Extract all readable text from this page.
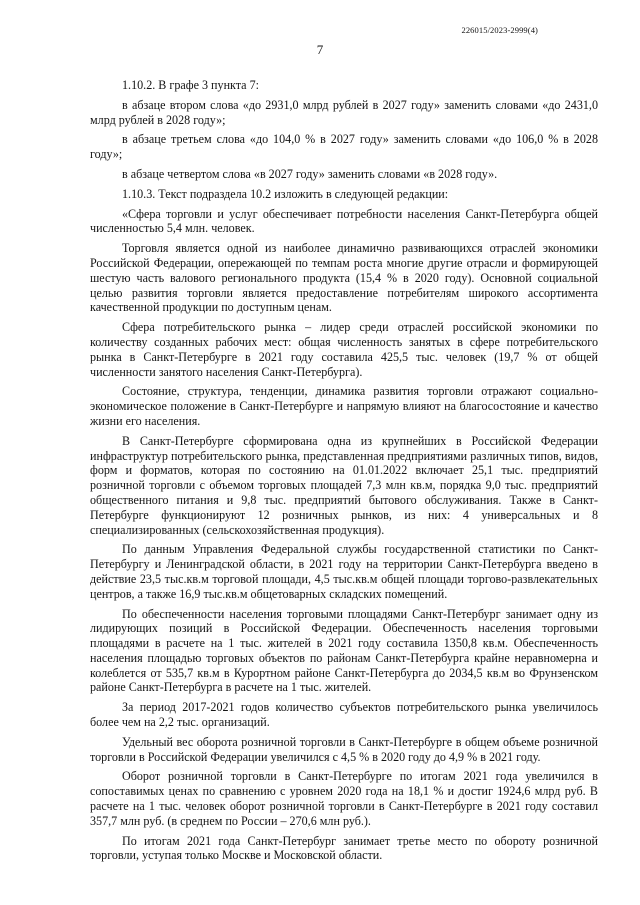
226015/2023-2999(4)
7

1.10.2. В графе 3 пункта 7:

в абзаце втором слова «до 2931,0 млрд рублей в 2027 году» заменить словами «до 2431,0 млрд рублей в 2028 году»;

в абзаце третьем слова «до 104,0 % в 2027 году» заменить словами «до 106,0 % в 2028 году»;

в абзаце четвертом слова «в 2027 году» заменить словами «в 2028 году».

1.10.3. Текст подраздела 10.2 изложить в следующей редакции:

«Сфера торговли и услуг обеспечивает потребности населения Санкт-Петербурга общей численностью 5,4 млн. человек.

Торговля является одной из наиболее динамично развивающихся отраслей экономики Российской Федерации, опережающей по темпам роста многие другие отрасли и формирующей шестую часть валового регионального продукта (15,4 % в 2020 году). Основной социальной целью развития торговли является предоставление потребителям широкого ассортимента качественной продукции по доступным ценам.

Сфера потребительского рынка – лидер среди отраслей российской экономики по количеству созданных рабочих мест: общая численность занятых в сфере потребительского рынка в Санкт-Петербурге в 2021 году составила 425,5 тыс. человек (19,7 % от общей численности занятого населения Санкт-Петербурга).

Состояние, структура, тенденции, динамика развития торговли отражают социально-экономическое положение в Санкт-Петербурге и напрямую влияют на благосостояние и качество жизни его населения.

В Санкт-Петербурге сформирована одна из крупнейших в Российской Федерации инфраструктур потребительского рынка, представленная предприятиями различных типов, видов, форм и форматов, которая по состоянию на 01.01.2022 включает 25,1 тыс. предприятий розничной торговли с объемом торговых площадей 7,3 млн кв.м, порядка 9,0 тыс. предприятий общественного питания и 9,8 тыс. предприятий бытового обслуживания. Также в Санкт-Петербурге функционируют 12 розничных рынков, из них: 4 универсальных и 8 специализированных (сельскохозяйственная продукция).

По данным Управления Федеральной службы государственной статистики по Санкт-Петербургу и Ленинградской области, в 2021 году на территории Санкт-Петербурга введено в действие 23,5 тыс.кв.м торговой площади, 4,5 тыс.кв.м общей площади торгово-развлекательных центров, а также 16,9 тыс.кв.м общетоварных складских помещений.

По обеспеченности населения торговыми площадями Санкт-Петербург занимает одну из лидирующих позиций в Российской Федерации. Обеспеченность населения торговыми площадями в расчете на 1 тыс. жителей в 2021 году составила 1350,8 кв.м. Обеспеченность населения площадью торговых объектов по районам Санкт-Петербурга крайне неравномерна и колеблется от 535,7 кв.м в Курортном районе Санкт-Петербурга до 2034,5 кв.м во Фрунзенском районе Санкт-Петербурга в расчете на 1 тыс. жителей.

За период 2017-2021 годов количество субъектов потребительского рынка увеличилось более чем на 2,2 тыс. организаций.

Удельный вес оборота розничной торговли в Санкт-Петербурге в общем объеме розничной торговли в Российской Федерации увеличился с 4,5 % в 2020 году до 4,9 % в 2021 году.

Оборот розничной торговли в Санкт-Петербурге по итогам 2021 года увеличился в сопоставимых ценах по сравнению с уровнем 2020 года на 18,1 % и достиг 1924,6 млрд руб. В расчете на 1 тыс. человек оборот розничной торговли в Санкт-Петербурге в 2021 году составил 357,7 млн руб. (в среднем по России – 270,6 млн руб.).

По итогам 2021 года Санкт-Петербург занимает третье место по обороту розничной торговли, уступая только Москве и Московской области.
